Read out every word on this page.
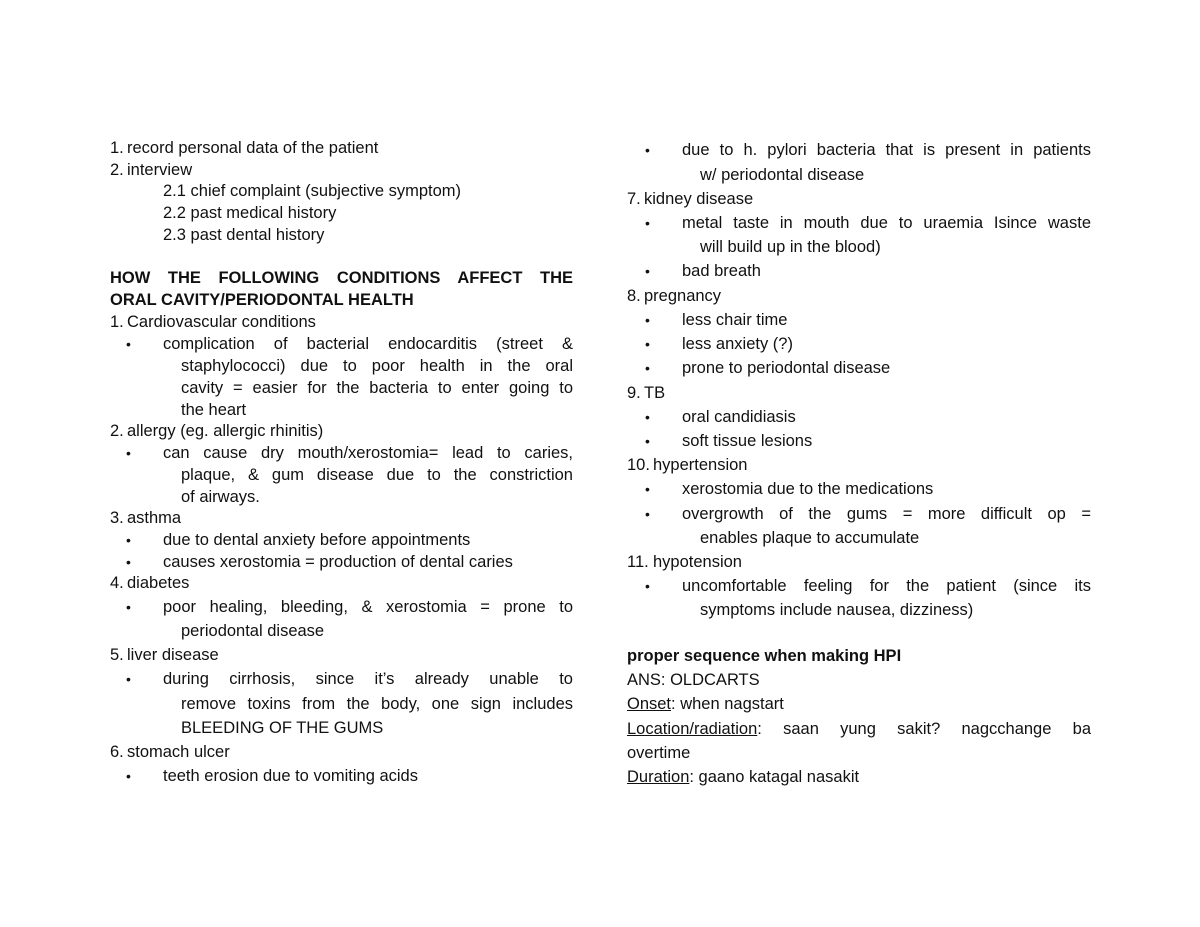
1. record personal data of the patient
2. interview
2.1 chief complaint (subjective symptom)
2.2 past medical history
2.3 past dental history
HOW THE FOLLOWING CONDITIONS AFFECT THE
ORAL CAVITY/PERIODONTAL HEALTH
1. Cardiovascular conditions
• complication of bacterial endocarditis (street &
staphylococci) due to poor health in the oral
cavity = easier for the bacteria to enter going to
the heart
2. allergy (eg. allergic rhinitis)
• can cause dry mouth/xerostomia= lead to caries,
plaque, & gum disease due to the constriction
of airways.
3. asthma
• due to dental anxiety before appointments
• causes xerostomia = production of dental caries
4. diabetes
• poor healing, bleeding, & xerostomia = prone to
periodontal disease
5. liver disease
• during cirrhosis, since it’s already unable to
remove toxins from the body, one sign includes
BLEEDING OF THE GUMS
6. stomach ulcer
• teeth erosion due to vomiting acids
• due to h. pylori bacteria that is present in patients
w/ periodontal disease
7. kidney disease
• metal taste in mouth due to uraemia Isince waste
will build up in the blood)
• bad breath
8. pregnancy
• less chair time
• less anxiety (?)
• prone to periodontal disease
9. TB
• oral candidiasis
• soft tissue lesions
10. hypertension
• xerostomia due to the medications
• overgrowth of the gums = more difficult op =
enables plaque to accumulate
11. hypotension
• uncomfortable feeling for the patient (since its
symptoms include nausea, dizziness)
proper sequence when making HPI
ANS: OLDCARTS
Onset: when nagstart
Location/radiation: saan yung sakit? nagcchange ba
overtime
Duration: gaano katagal nasakit
